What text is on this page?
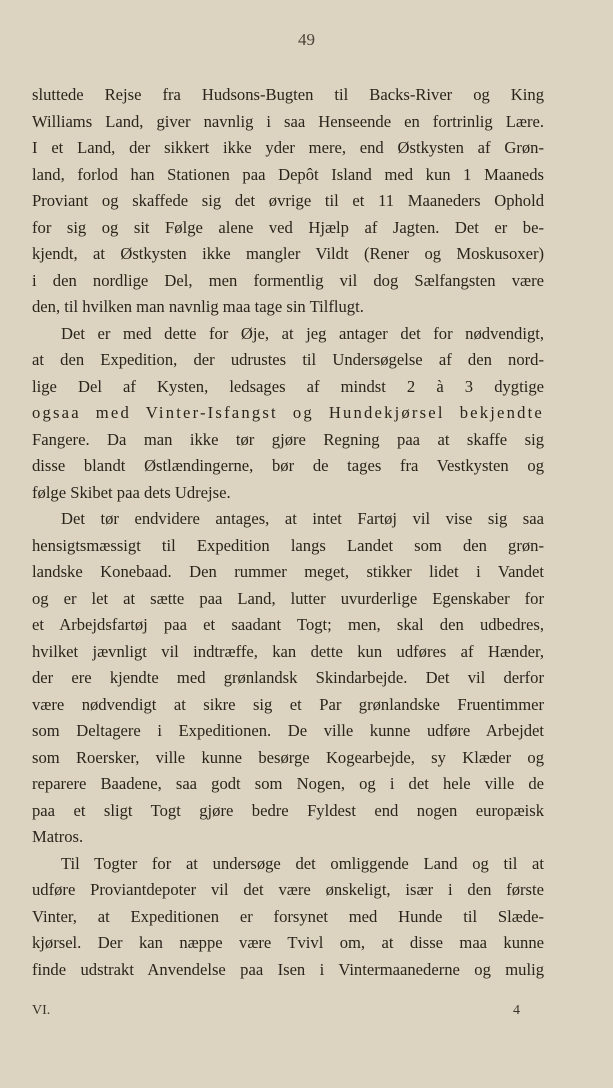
49
sluttede Rejse fra Hudsons-Bugten til Backs-River og King
Williams Land, giver navnlig i saa Henseende en fortrinlig Lære.
I et Land, der sikkert ikke yder mere, end Østkysten af Grøn-
land, forlod han Stationen paa Depôt Island med kun 1 Maaneds
Proviant og skaffede sig det øvrige til et 11 Maaneders Ophold
for sig og sit Følge alene ved Hjælp af Jagten. Det er be-
kjendt, at Østkysten ikke mangler Vildt (Rener og Moskusoxer)
i den nordlige Del, men formentlig vil dog Sælfangsten være
den, til hvilken man navnlig maa tage sin Tilflugt.
Det er med dette for Øje, at jeg antager det for nødvendigt,
at den Expedition, der udrustes til Undersøgelse af den nord-
lige Del af Kysten, ledsages af mindst 2 à 3 dygtige
ogsaa med Vinter-Isfangst og Hundekjørsel bekjendte
Fangere. Da man ikke tør gjøre Regning paa at skaffe sig
disse blandt Østlændingerne, bør de tages fra Vestkysten og
følge Skibet paa dets Udrejse.
Det tør endvidere antages, at intet Fartøj vil vise sig saa
hensigtsmæssigt til Expedition langs Landet som den grøn-
landske Konebaad. Den rummer meget, stikker lidet i Vandet
og er let at sætte paa Land, lutter uvurderlige Egenskaber for
et Arbejdsfartøj paa et saadant Togt; men, skal den udbedres,
hvilket jævnligt vil indtræffe, kan dette kun udføres af Hænder,
der ere kjendte med grønlandsk Skindarbejde. Det vil derfor
være nødvendigt at sikre sig et Par grønlandske Fruentimmer
som Deltagere i Expeditionen. De ville kunne udføre Arbejdet
som Roersker, ville kunne besørge Kogearbejde, sy Klæder og
reparere Baadene, saa godt som Nogen, og i det hele ville de
paa et sligt Togt gjøre bedre Fyldest end nogen europæisk
Matros.
Til Togter for at undersøge det omliggende Land og til at
udføre Proviantdepoter vil det være ønskeligt, især i den første
Vinter, at Expeditionen er forsynet med Hunde til Slæde-
kjørsel. Der kan næppe være Tvivl om, at disse maa kunne
finde udstrakt Anvendelse paa Isen i Vintermaanederne og mulig
VI.	4
